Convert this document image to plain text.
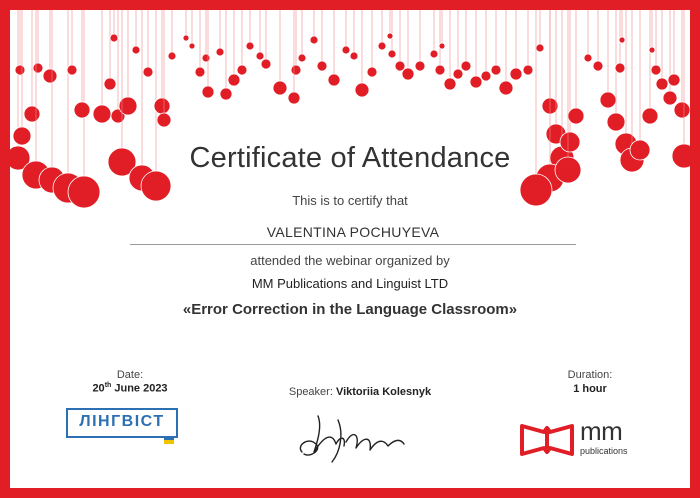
Certificate of Attendance
This is to certify that
VALENTINA POCHUYEVA
attended the webinar organized by
MM Publications and Linguist LTD
«Error Correction in the Language Classroom»
Date:
20th June 2023
Duration:
1 hour
Speaker: Viktoriia Kolesnyk
ЛІНГВІСТ	mm
publications
